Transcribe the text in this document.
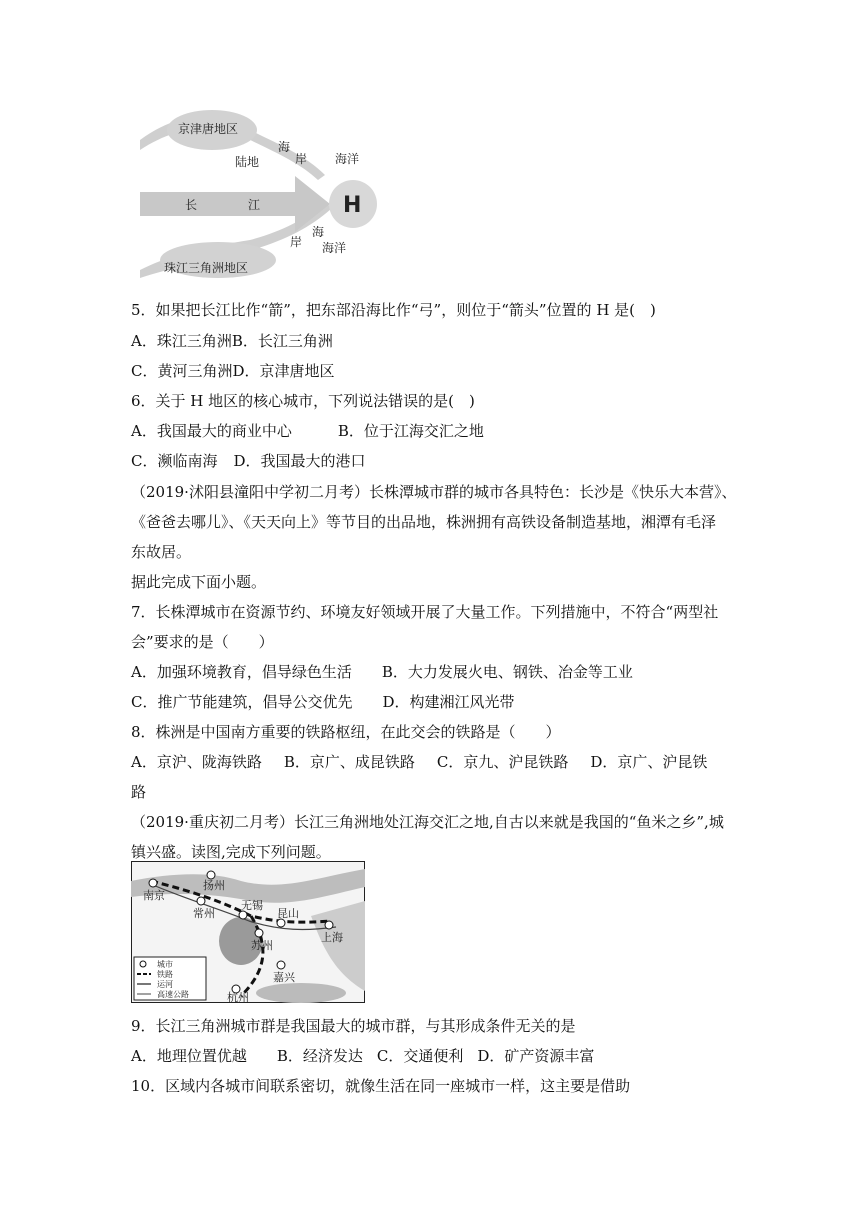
京津唐地区
陆地
海
岸 海洋
长	江	H
岸
海
海洋
珠江三角洲地区
5．如果把长江比作“箭”，把东部沿海比作“弓”，则位于“箭头”位置的 H 是(　)
A．珠江三角洲B．长江三角洲
C．黄河三角洲D．京津唐地区
6．关于 H 地区的核心城市，下列说法错误的是(　)
A．我国最大的商业中心	B．位于江海交汇之地
C．濒临南海 D．我国最大的港口
（2019·沭阳县潼阳中学初二月考）长株潭城市群的城市各具特色：长沙是《快乐大本营》、
《爸爸去哪儿》、《天天向上》等节目的出品地，株洲拥有高铁设备制造基地，湘潭有毛泽
东故居。
据此完成下面小题。
7．长株潭城市在资源节约、环境友好领域开展了大量工作。下列措施中，不符合“两型社
会”要求的是（　　）
A．加强环境教育，倡导绿色生活 B．大力发展火电、钢铁、冶金等工业
C．推广节能建筑，倡导公交优先 D．构建湘江风光带
8．株洲是中国南方重要的铁路枢纽，在此交会的铁路是（　　）
A．京沪、陇海铁路 B．京广、成昆铁路 C．京九、沪昆铁路 D．京广、沪昆铁
路
（2019·重庆初二月考）长江三角洲地处江海交汇之地,自古以来就是我国的“鱼米之乡”,城
镇兴盛。读图,完成下列问题。
南京
扬州
常州
无锡
昆山
苏州
上海
嘉兴
杭州
城市
铁路
运河
高速公路
9．长江三角洲城市群是我国最大的城市群，与其形成条件无关的是
A．地理位置优越 B．经济发达 C．交通便利 D．矿产资源丰富
10．区域内各城市间联系密切，就像生活在同一座城市一样，这主要是借助
